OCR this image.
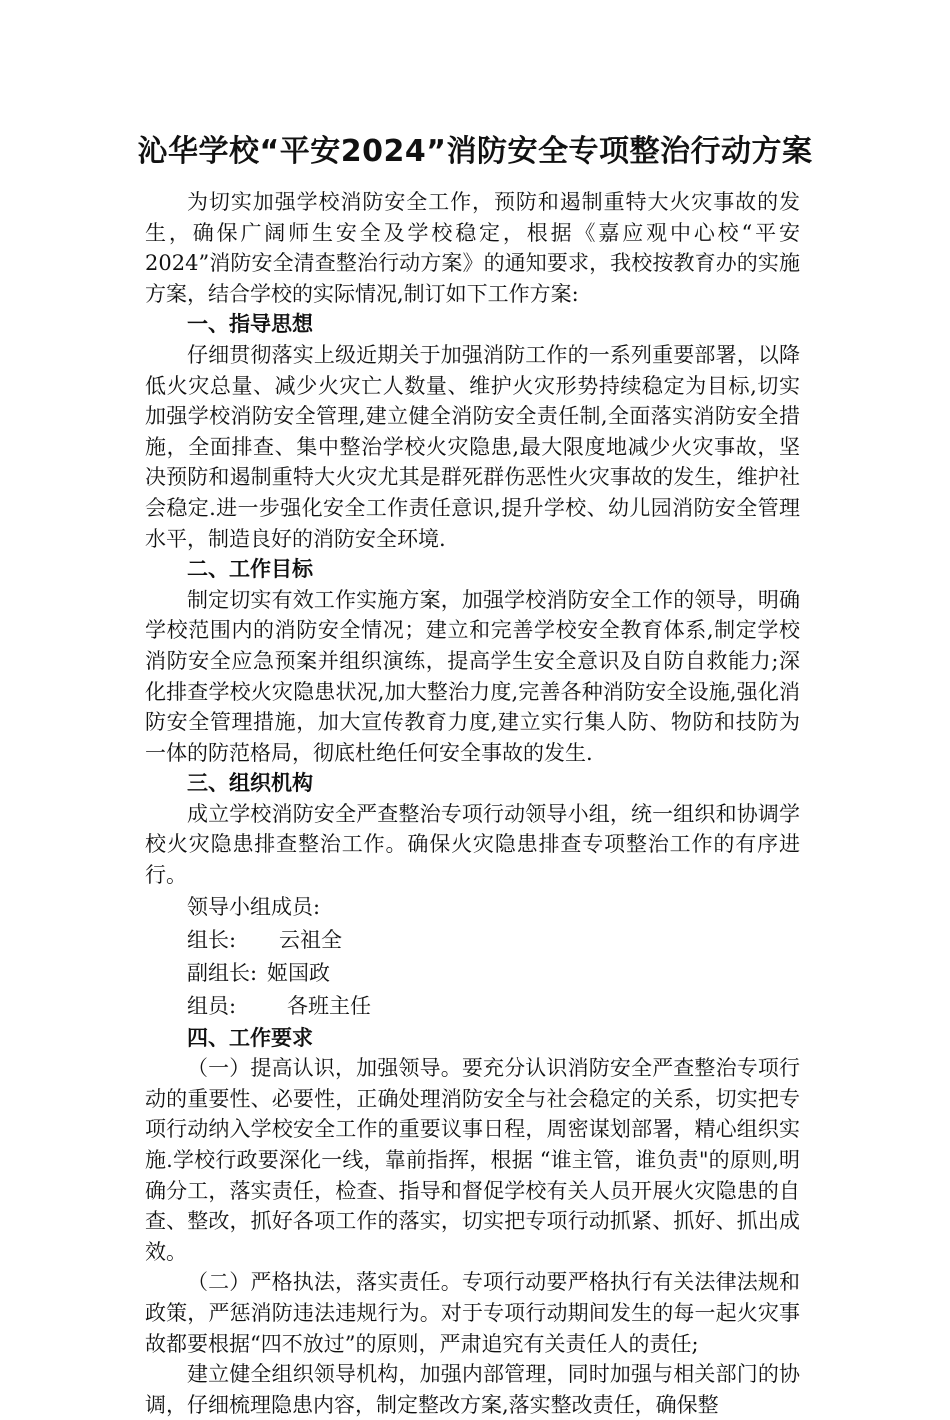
沁华学校“平安2024”消防安全专项整治行动方案

为切实加强学校消防安全工作，预防和遏制重特大火灾事故的发生，确保广阔师生安全及学校稳定，根据《嘉应观中心校“平安2024”消防安全清查整治行动方案》的通知要求，我校按教育办的实施方案，结合学校的实际情况,制订如下工作方案:

一、指导思想

仔细贯彻落实上级近期关于加强消防工作的一系列重要部署，以降低火灾总量、减少火灾亡人数量、维护火灾形势持续稳定为目标,切实加强学校消防安全管理,建立健全消防安全责任制,全面落实消防安全措施，全面排查、集中整治学校火灾隐患,最大限度地减少火灾事故，坚决预防和遏制重特大火灾尤其是群死群伤恶性火灾事故的发生，维护社会稳定.进一步强化安全工作责任意识,提升学校、幼儿园消防安全管理水平，制造良好的消防安全环境.

二、工作目标

制定切实有效工作实施方案，加强学校消防安全工作的领导，明确学校范围内的消防安全情况；建立和完善学校安全教育体系,制定学校消防安全应急预案并组织演练，提高学生安全意识及自防自救能力;深化排查学校火灾隐患状况,加大整治力度,完善各种消防安全设施,强化消防安全管理措施，加大宣传教育力度,建立实行集人防、物防和技防为一体的防范格局，彻底杜绝任何安全事故的发生.

三、组织机构

成立学校消防安全严查整治专项行动领导小组，统一组织和协调学校火灾隐患排查整治工作。确保火灾隐患排查专项整治工作的有序进行。

领导小组成员:

组长: 云祖全

副组长: 姬国政

组员: 各班主任

四、工作要求

（一）提高认识，加强领导。要充分认识消防安全严查整治专项行动的重要性、必要性，正确处理消防安全与社会稳定的关系，切实把专项行动纳入学校安全工作的重要议事日程，周密谋划部署，精心组织实施.学校行政要深化一线，靠前指挥，根据 “谁主管，谁负责"的原则,明确分工，落实责任，检查、指导和督促学校有关人员开展火灾隐患的自查、整改，抓好各项工作的落实，切实把专项行动抓紧、抓好、抓出成效。

（二）严格执法，落实责任。专项行动要严格执行有关法律法规和政策，严惩消防违法违规行为。对于专项行动期间发生的每一起火灾事故都要根据“四不放过”的原则，严肃追究有关责任人的责任;

建立健全组织领导机构，加强内部管理，同时加强与相关部门的协调，仔细梳理隐患内容，制定整改方案,落实整改责任，确保整
